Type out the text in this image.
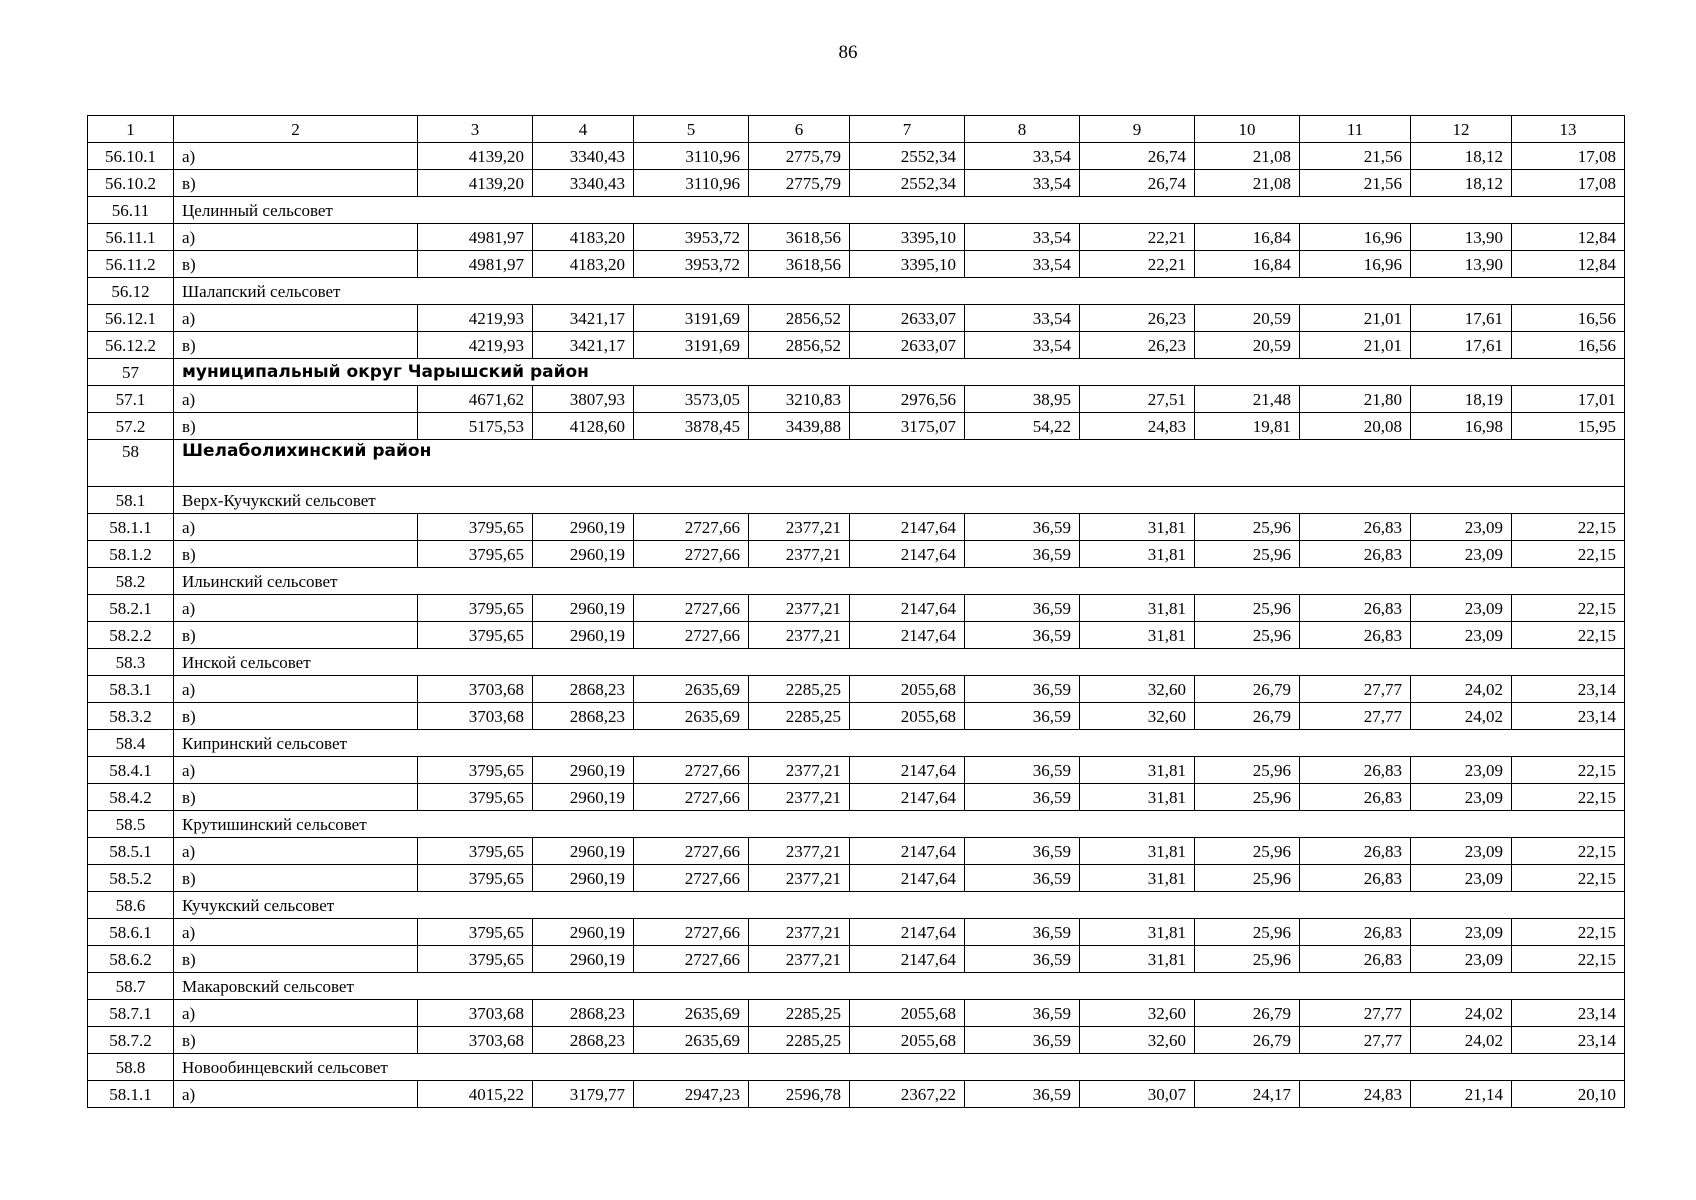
86
1	2	3	4	5	6	7	8	9	10	11	12	13
56.10.1	а)	4139,20	3340,43	3110,96	2775,79	2552,34	33,54	26,74	21,08	21,56	18,12	17,08
56.10.2	в)	4139,20	3340,43	3110,96	2775,79	2552,34	33,54	26,74	21,08	21,56	18,12	17,08
56.11	Целинный сельсовет											
56.11.1	а)	4981,97	4183,20	3953,72	3618,56	3395,10	33,54	22,21	16,84	16,96	13,90	12,84
56.11.2	в)	4981,97	4183,20	3953,72	3618,56	3395,10	33,54	22,21	16,84	16,96	13,90	12,84
56.12	Шалапский сельсовет											
56.12.1	а)	4219,93	3421,17	3191,69	2856,52	2633,07	33,54	26,23	20,59	21,01	17,61	16,56
56.12.2	в)	4219,93	3421,17	3191,69	2856,52	2633,07	33,54	26,23	20,59	21,01	17,61	16,56
57	муниципальный округ Чарышский район											
57.1	а)	4671,62	3807,93	3573,05	3210,83	2976,56	38,95	27,51	21,48	21,80	18,19	17,01
57.2	в)	5175,53	4128,60	3878,45	3439,88	3175,07	54,22	24,83	19,81	20,08	16,98	15,95
58	Шелаболихинский район											
58.1	Верх-Кучукский сельсовет											
58.1.1	а)	3795,65	2960,19	2727,66	2377,21	2147,64	36,59	31,81	25,96	26,83	23,09	22,15
58.1.2	в)	3795,65	2960,19	2727,66	2377,21	2147,64	36,59	31,81	25,96	26,83	23,09	22,15
58.2	Ильинский сельсовет											
58.2.1	а)	3795,65	2960,19	2727,66	2377,21	2147,64	36,59	31,81	25,96	26,83	23,09	22,15
58.2.2	в)	3795,65	2960,19	2727,66	2377,21	2147,64	36,59	31,81	25,96	26,83	23,09	22,15
58.3	Инской сельсовет											
58.3.1	а)	3703,68	2868,23	2635,69	2285,25	2055,68	36,59	32,60	26,79	27,77	24,02	23,14
58.3.2	в)	3703,68	2868,23	2635,69	2285,25	2055,68	36,59	32,60	26,79	27,77	24,02	23,14
58.4	Кипринский сельсовет											
58.4.1	а)	3795,65	2960,19	2727,66	2377,21	2147,64	36,59	31,81	25,96	26,83	23,09	22,15
58.4.2	в)	3795,65	2960,19	2727,66	2377,21	2147,64	36,59	31,81	25,96	26,83	23,09	22,15
58.5	Крутишинский сельсовет											
58.5.1	а)	3795,65	2960,19	2727,66	2377,21	2147,64	36,59	31,81	25,96	26,83	23,09	22,15
58.5.2	в)	3795,65	2960,19	2727,66	2377,21	2147,64	36,59	31,81	25,96	26,83	23,09	22,15
58.6	Кучукский сельсовет											
58.6.1	а)	3795,65	2960,19	2727,66	2377,21	2147,64	36,59	31,81	25,96	26,83	23,09	22,15
58.6.2	в)	3795,65	2960,19	2727,66	2377,21	2147,64	36,59	31,81	25,96	26,83	23,09	22,15
58.7	Макаровский сельсовет											
58.7.1	а)	3703,68	2868,23	2635,69	2285,25	2055,68	36,59	32,60	26,79	27,77	24,02	23,14
58.7.2	в)	3703,68	2868,23	2635,69	2285,25	2055,68	36,59	32,60	26,79	27,77	24,02	23,14
58.8	Новообинцевский сельсовет											
58.1.1	а)	4015,22	3179,77	2947,23	2596,78	2367,22	36,59	30,07	24,17	24,83	21,14	20,10
